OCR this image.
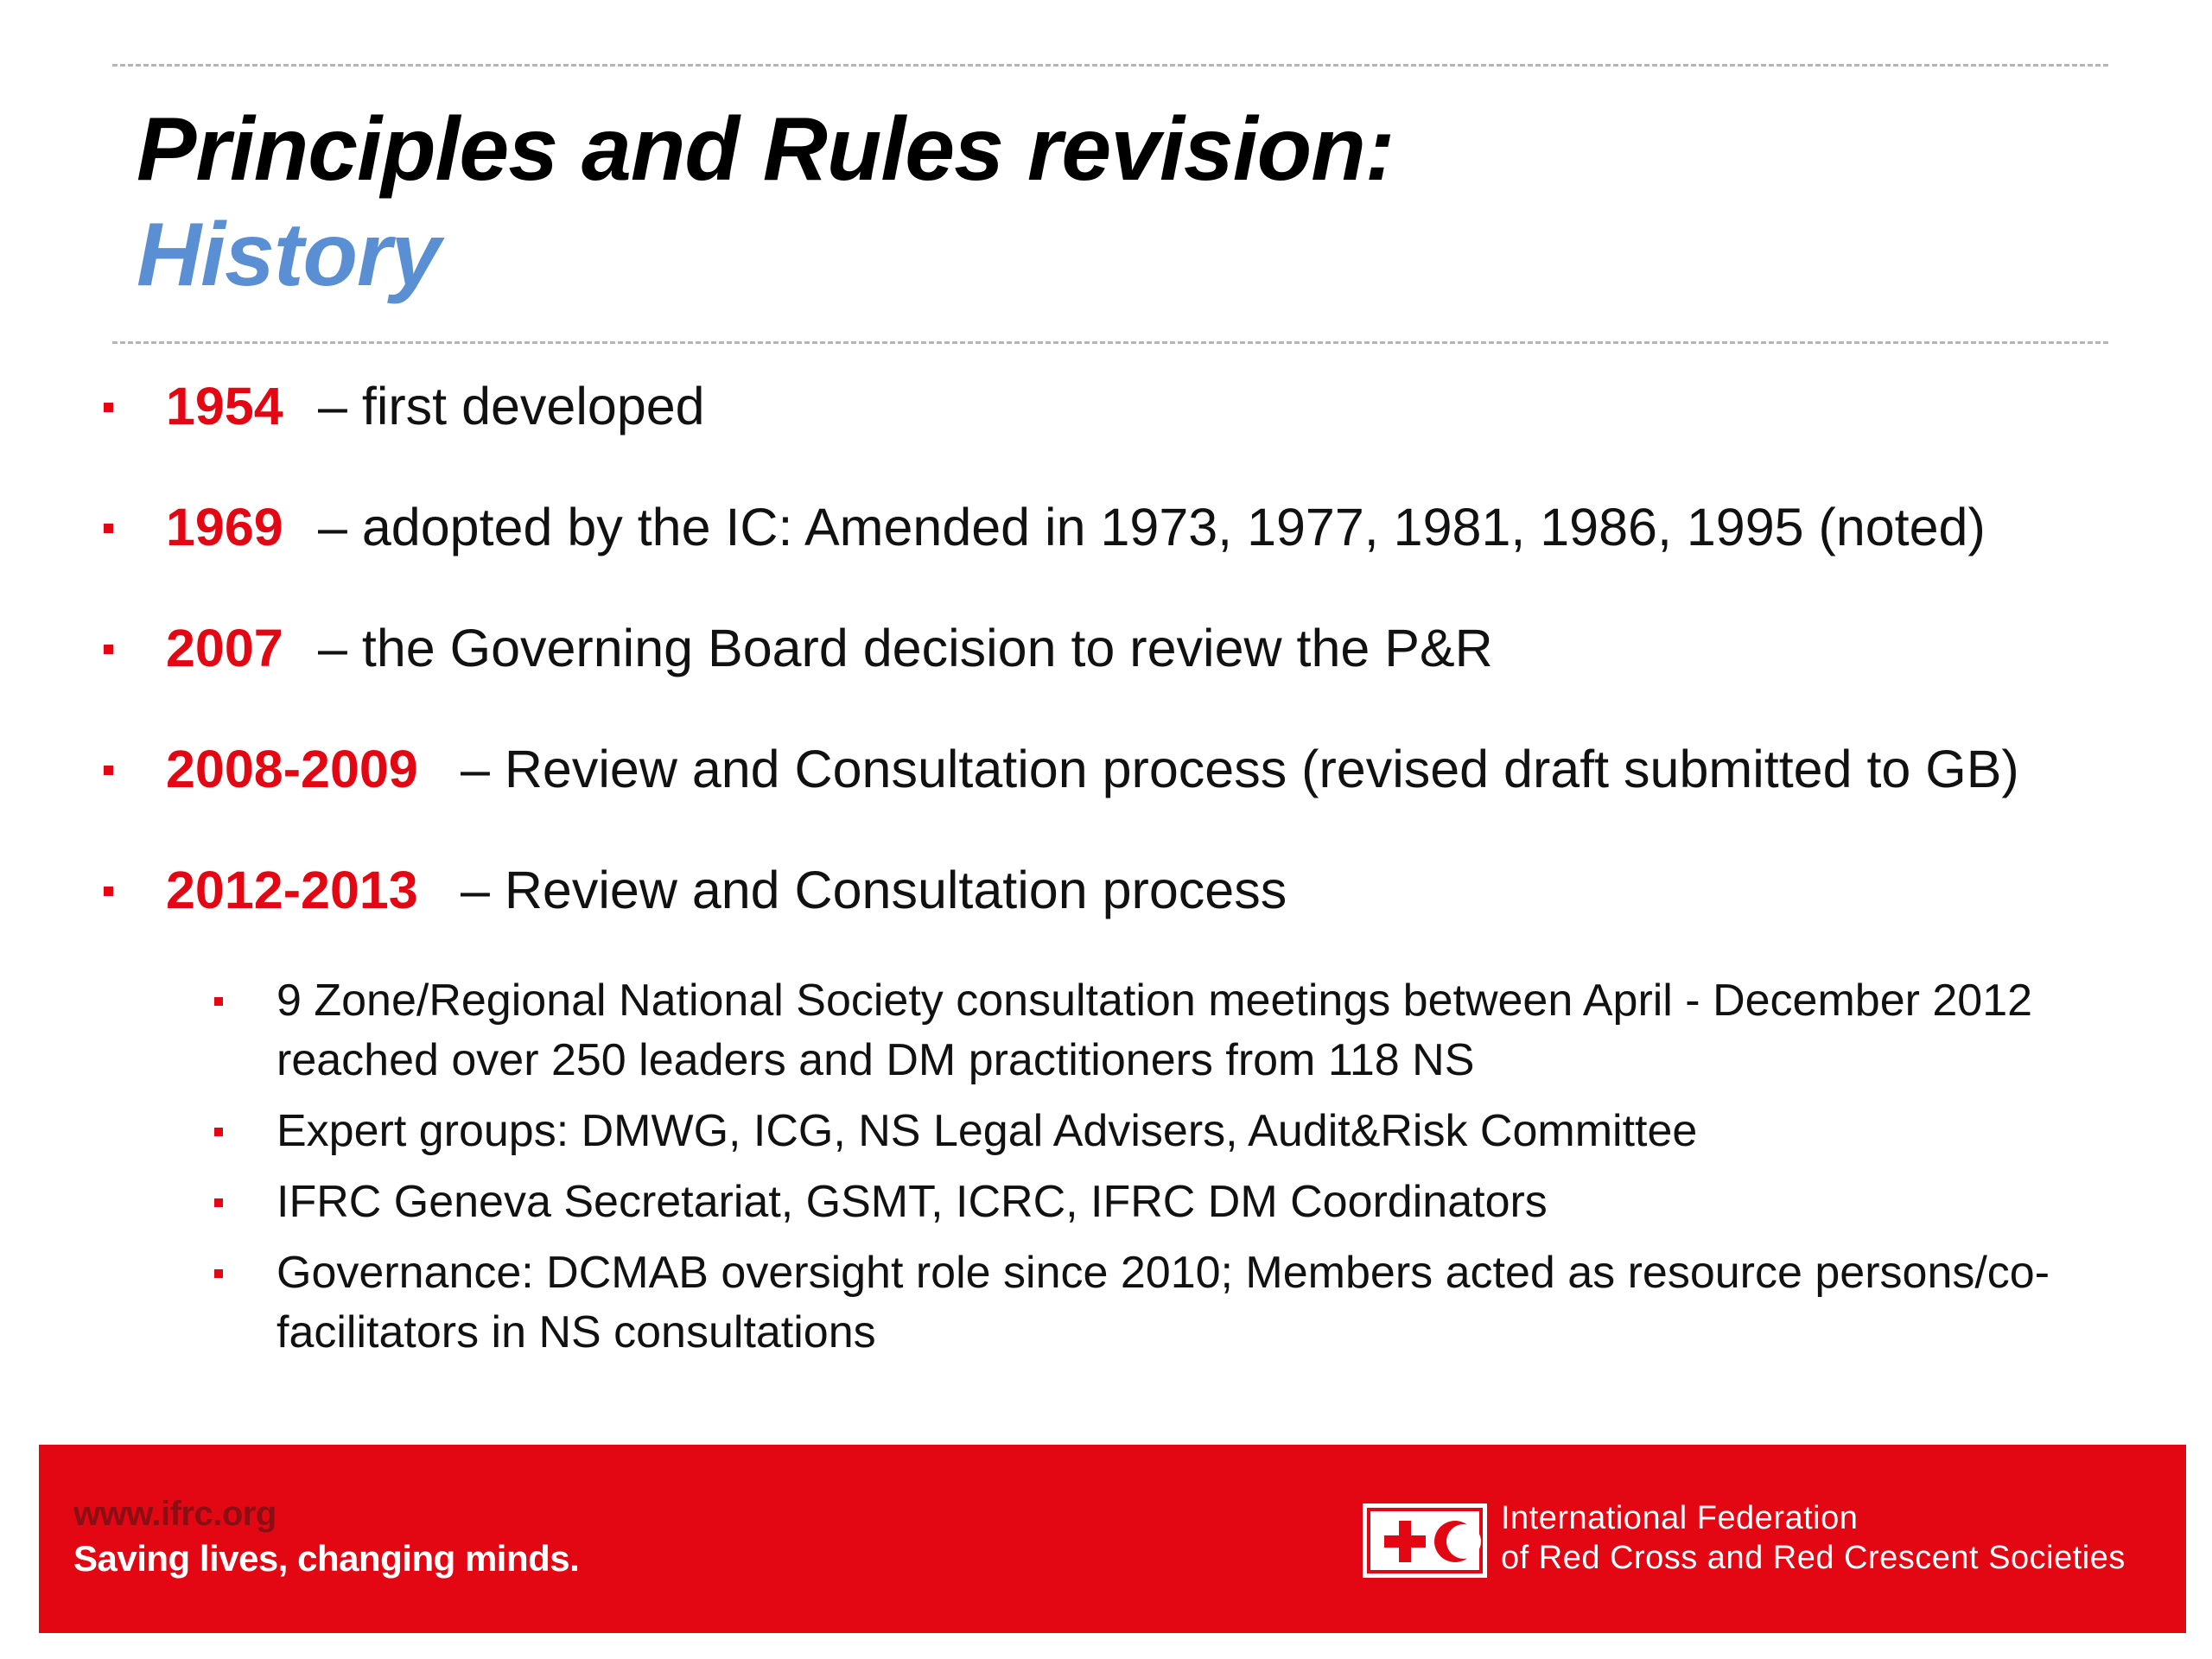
Principles and Rules revision:
History
1954 – first developed
1969 – adopted by the IC: Amended in 1973, 1977, 1981, 1986, 1995 (noted)
2007 – the Governing Board decision to review the P&R
2008-2009 – Review and Consultation process (revised draft submitted to GB)
2012-2013 – Review and Consultation process
9 Zone/Regional National Society consultation meetings between April - December 2012 reached over 250 leaders and DM practitioners from 118 NS
Expert groups: DMWG, ICG, NS Legal Advisers, Audit&Risk Committee
IFRC Geneva Secretariat, GSMT, ICRC, IFRC DM Coordinators
Governance: DCMAB oversight role since 2010; Members acted as resource persons/co-facilitators in NS consultations
www.ifrc.org
Saving lives, changing minds.
International Federation
of Red Cross and Red Crescent Societies
